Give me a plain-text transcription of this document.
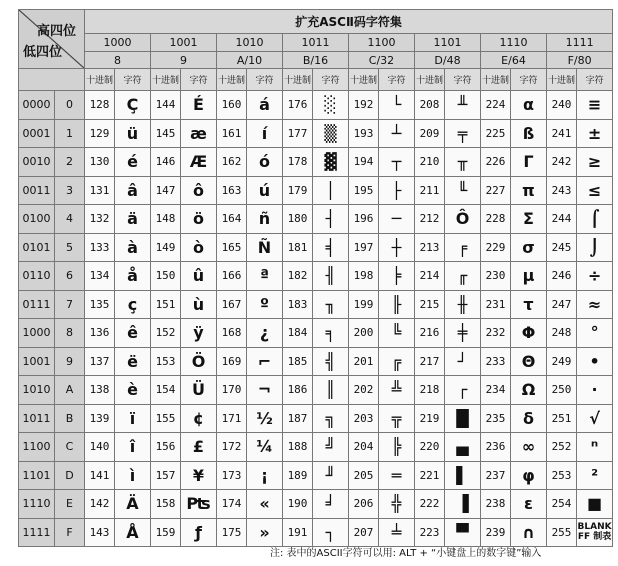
高四位
低四位		扩充ASCⅡ码字符集															
		1000		1001		1010		1011		1100		1101		1110		1111	
		8		9		A/10		B/16		C/32		D/48		E/64		F/80	
		十进制	字符	十进制	字符	十进制	字符	十进制	字符	十进制	字符	十进制	字符	十进制	字符	十进制	字符
0000	0	128	Ç	144	É	160	á	176	░	192	└	208	╨	224	α	240	≡
0001	1	129	ü	145	æ	161	í	177	▒	193	┴	209	╤	225	ß	241	±
0010	2	130	é	146	Æ	162	ó	178	▓	194	┬	210	╥	226	Γ	242	≥
0011	3	131	â	147	ô	163	ú	179	│	195	├	211	╙	227	π	243	≤
0100	4	132	ä	148	ö	164	ñ	180	┤	196	─	212	Ô	228	Σ	244	⌠
0101	5	133	à	149	ò	165	Ñ	181	╡	197	┼	213	╒	229	σ	245	⌡
0110	6	134	å	150	û	166	ª	182	╢	198	╞	214	╓	230	μ	246	÷
0111	7	135	ç	151	ù	167	º	183	╖	199	╟	215	╫	231	τ	247	≈
1000	8	136	ê	152	ÿ	168	¿	184	╕	200	╚	216	╪	232	Φ	248	°
1001	9	137	ë	153	Ö	169	⌐	185	╣	201	╔	217	┘	233	Θ	249	•
1010	A	138	è	154	Ü	170	¬	186	║	202	╩	218	┌	234	Ω	250	·
1011	B	139	ï	155	¢	171	½	187	╗	203	╦	219	█	235	δ	251	√
1100	C	140	î	156	£	172	¼	188	╝	204	╠	220	▄	236	∞	252	ⁿ
1101	D	141	ì	157	¥	173	¡	189	╜	205	═	221	▌	237	φ	253	²
1110	E	142	Ä	158	₧	174	«	190	╛	206	╬	222	▐	238	ε	254	■
1111	F	143	Å	159	ƒ	175	»	191	┐	207	╧	223	▀	239	∩	255	BLANK FF 制表
注: 表中的ASCII字符可以用: ALT + “小键盘上的数字键”输入
